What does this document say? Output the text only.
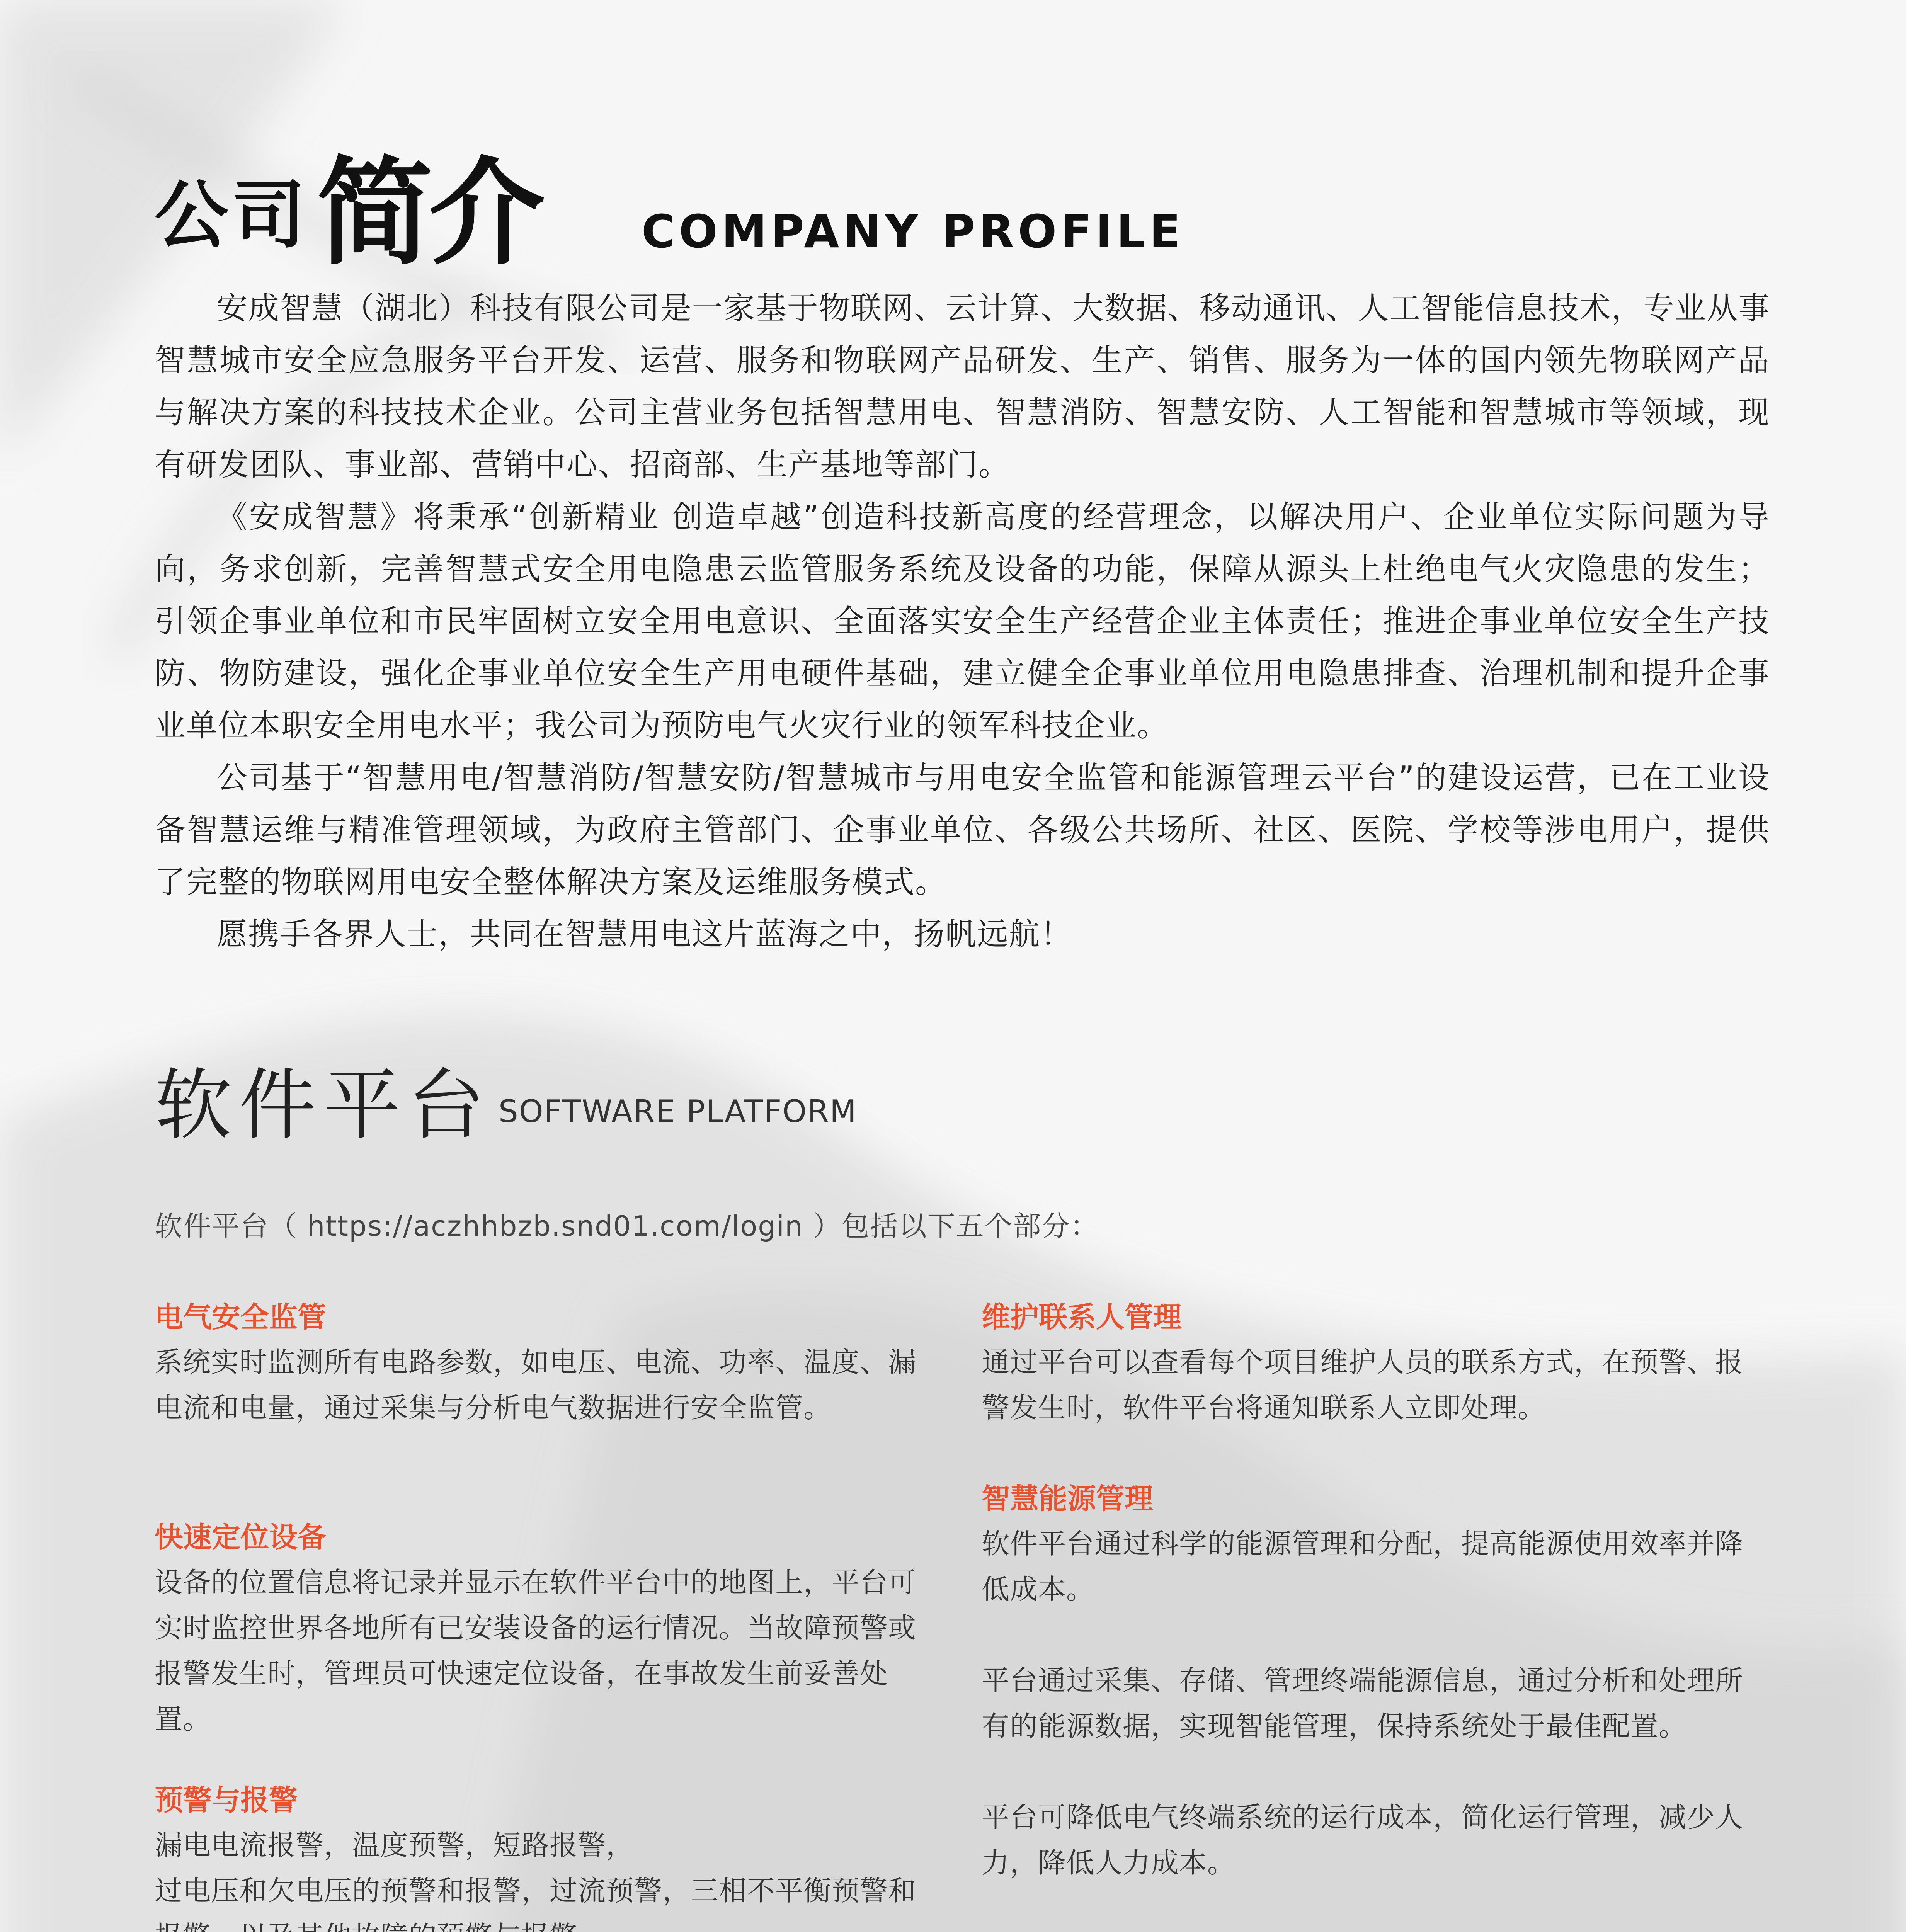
公司 简介 COMPANY PROFILE

安成智慧（湖北）科技有限公司是一家基于物联网、云计算、大数据、移动通讯、人工智能信息技术，专业从事智慧城市安全应急服务平台开发、运营、服务和物联网产品研发、生产、销售、服务为一体的国内领先物联网产品与解决方案的科技技术企业。公司主营业务包括智慧用电、智慧消防、智慧安防、人工智能和智慧城市等领域，现有研发团队、事业部、营销中心、招商部、生产基地等部门。

《安成智慧》将秉承“创新精业 创造卓越”创造科技新高度的经营理念，以解决用户、企业单位实际问题为导向，务求创新，完善智慧式安全用电隐患云监管服务系统及设备的功能，保障从源头上杜绝电气火灾隐患的发生；引领企事业单位和市民牢固树立安全用电意识、全面落实安全生产经营企业主体责任；推进企事业单位安全生产技防、物防建设，强化企事业单位安全生产用电硬件基础，建立健全企事业单位用电隐患排查、治理机制和提升企事业单位本职安全用电水平；我公司为预防电气火灾行业的领军科技企业。

公司基于“智慧用电/智慧消防/智慧安防/智慧城市与用电安全监管和能源管理云平台”的建设运营，已在工业设备智慧运维与精准管理领域，为政府主管部门、企事业单位、各级公共场所、社区、医院、学校等涉电用户，提供了完整的物联网用电安全整体解决方案及运维服务模式。

愿携手各界人士，共同在智慧用电这片蓝海之中，扬帆远航！

软件平台 SOFTWARE PLATFORM
软件平台（ https://aczhhbzb.snd01.com/login ）包括以下五个部分：
电气安全监管

系统实时监测所有电路参数，如电压、电流、功率、温度、漏电流和电量，通过采集与分析电气数据进行安全监管。

快速定位设备

设备的位置信息将记录并显示在软件平台中的地图上，平台可实时监控世界各地所有已安装设备的运行情况。当故障预警或报警发生时，管理员可快速定位设备，在事故发生前妥善处置。

预警与报警

漏电电流报警，温度预警，短路报警，

过电压和欠电压的预警和报警，过流预警，三相不平衡预警和

维护联系人管理

通过平台可以查看每个项目维护人员的联系方式，在预警、报警发生时，软件平台将通知联系人立即处理。

智慧能源管理

软件平台通过科学的能源管理和分配，提高能源使用效率并降低成本。

平台通过采集、存储、管理终端能源信息，通过分析和处理所有的能源数据，实现智能管理，保持系统处于最佳配置。

平台可降低电气终端系统的运行成本，简化运行管理，减少人力，降低人力成本。
